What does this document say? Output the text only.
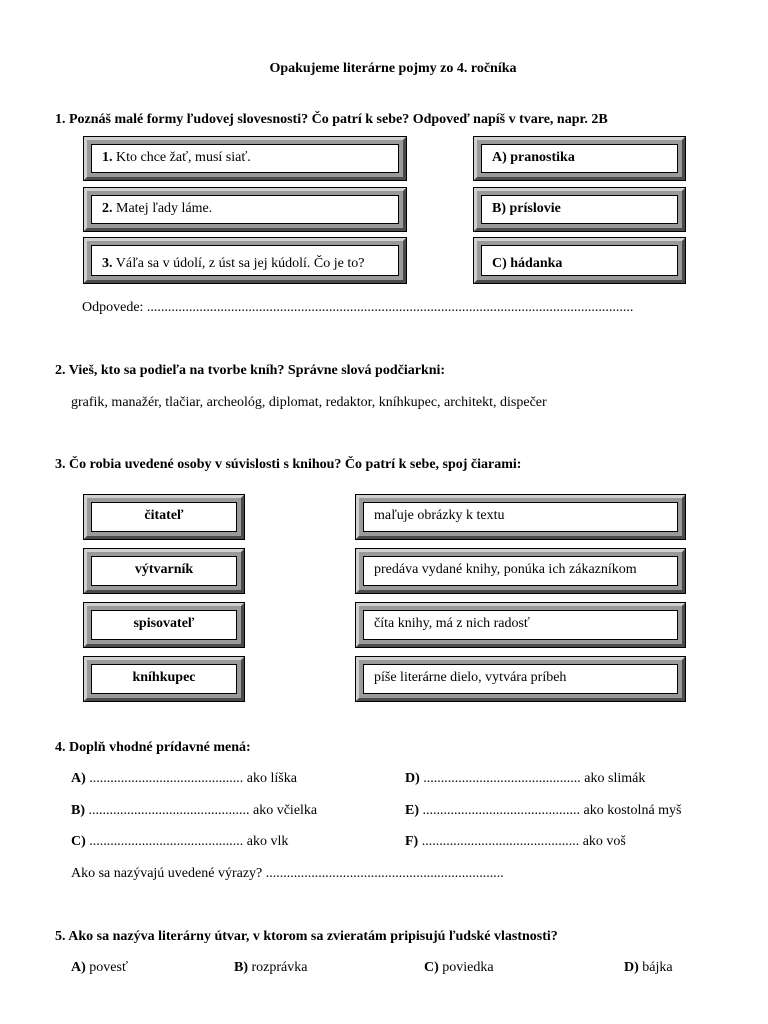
Opakujeme literárne pojmy zo 4. ročníka
1. Poznáš malé formy ľudovej slovesnosti? Čo patrí k sebe? Odpoveď napíš v tvare, napr. 2B
1. Kto chce žať, musí siať.
2. Matej ľady láme.
3. Váľa sa v údolí, z úst sa jej kúdolí. Čo je to?
A) pranostika
B) príslovie
C) hádanka
Odpovede: ...........................................................................................................................................
2. Vieš, kto sa podieľa na tvorbe kníh? Správne slová podčiarkni:
grafik, manažér, tlačiar, archeológ, diplomat, redaktor, kníhkupec, architekt, dispečer
3. Čo robia uvedené osoby v súvislosti s knihou? Čo patrí k sebe, spoj čiarami:
čitateľ
výtvarník
spisovateľ
kníhkupec
maľuje obrázky k textu
predáva vydané knihy, ponúka ich zákazníkom
číta knihy, má z nich radosť
píše literárne dielo, vytvára príbeh
4. Doplň vhodné prídavné mená:
A) ............................................ ako líška
B) .............................................. ako včielka
C) ............................................ ako vlk
D) ............................................. ako slimák
E) ............................................. ako kostolná myš
F) ............................................. ako voš
Ako sa nazývajú uvedené výrazy? ....................................................................
5. Ako sa nazýva literárny útvar, v ktorom sa zvieratám pripisujú ľudské vlastnosti?
A) povesť	B) rozprávka	C) poviedka	D) bájka
